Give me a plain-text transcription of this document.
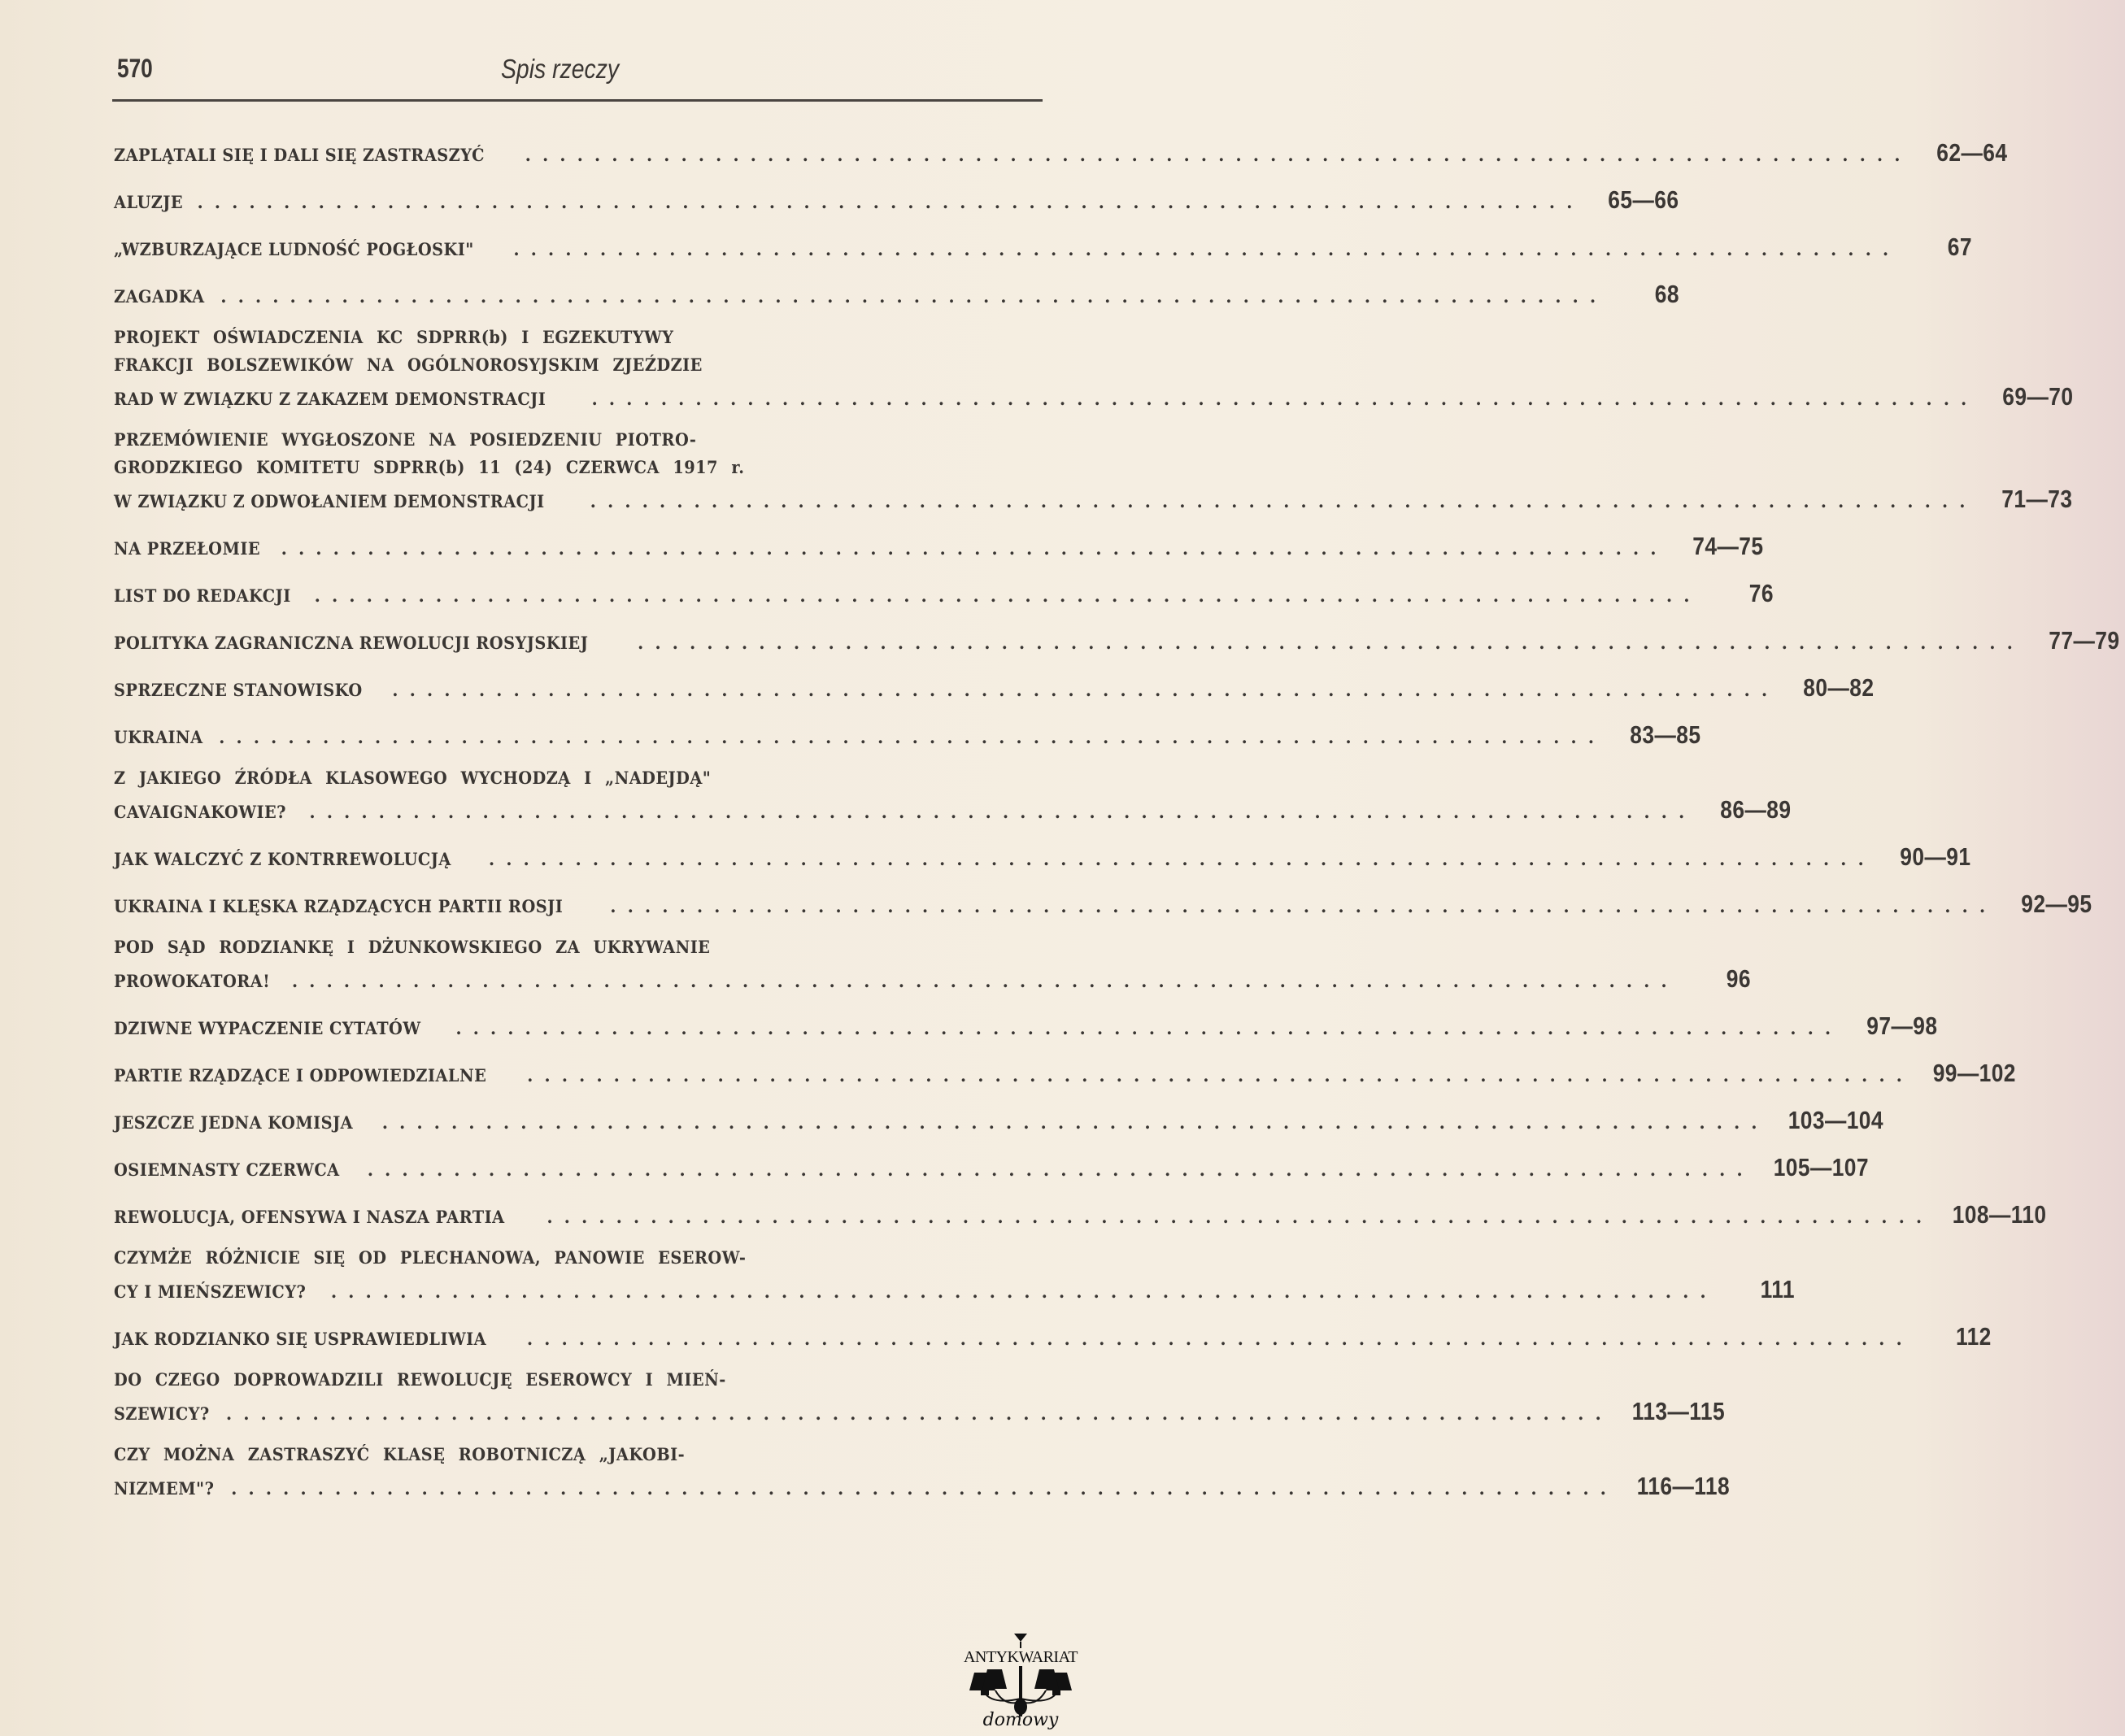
570	Spis rzeczy
ZAPLĄTALI SIĘ I DALI SIĘ ZASTRASZYĆ ................................................................................ 62—64
ALUZJE ................................................................................ 65—66
„WZBURZAJĄCE LUDNOŚĆ POGŁOSKI" ................................................................................	67
ZAGADKA ................................................................................	68
PROJEKT OŚWIADCZENIA KC SDPRR(b) I EGZEKUTYWY
FRAKCJI BOLSZEWIKÓW NA OGÓLNOROSYJSKIM ZJEŹDZIE
RAD W ZWIĄZKU Z ZAKAZEM DEMONSTRACJI	................................................................................ 69—70
PRZEMÓWIENIE WYGŁOSZONE NA POSIEDZENIU PIOTRO-
GRODZKIEGO KOMITETU SDPRR(b) 11 (24) CZERWCA 1917 r.
W ZWIĄZKU Z ODWOŁANIEM DEMONSTRACJI	................................................................................ 71—73
NA PRZEŁOMIE ................................................................................ 74—75
LIST DO REDAKCJI ................................................................................	76
POLITYKA ZAGRANICZNA REWOLUCJI ROSYJSKIEJ	................................................................................ 77—79
SPRZECZNE STANOWISKO ................................................................................ 80—82
UKRAINA ................................................................................ 83—85
Z JAKIEGO ŹRÓDŁA KLASOWEGO WYCHODZĄ I „NADEJDĄ"
CAVAIGNAKOWIE? ................................................................................ 86—89
JAK WALCZYĆ Z KONTRREWOLUCJĄ ................................................................................ 90—91
UKRAINA I KLĘSKA RZĄDZĄCYCH PARTII ROSJI	................................................................................ 92—95
POD SĄD RODZIANKĘ I DŻUNKOWSKIEGO ZA UKRYWANIE
PROWOKATORA! ................................................................................	96
DZIWNE WYPACZENIE CYTATÓW ................................................................................ 97—98
PARTIE RZĄDZĄCE I ODPOWIEDZIALNE ................................................................................ 99—102
JESZCZE JEDNA KOMISJA ................................................................................ 103—104
OSIEMNASTY CZERWCA ................................................................................ 105—107
REWOLUCJA, OFENSYWA I NASZA PARTIA ................................................................................ 108—110
CZYMŻE RÓŻNICIE SIĘ OD PLECHANOWA, PANOWIE ESEROW-
CY I MIEŃSZEWICY? ................................................................................	111
JAK RODZIANKO SIĘ USPRAWIEDLIWIA ................................................................................	112
DO CZEGO DOPROWADZILI REWOLUCJĘ ESEROWCY I MIEŃ-
SZEWICY? ................................................................................ 113—115
CZY MOŻNA ZASTRASZYĆ KLASĘ ROBOTNICZĄ „JAKOBI-
NIZMEM"? ................................................................................ 116—118
ANTYKWARIAT
domowy
